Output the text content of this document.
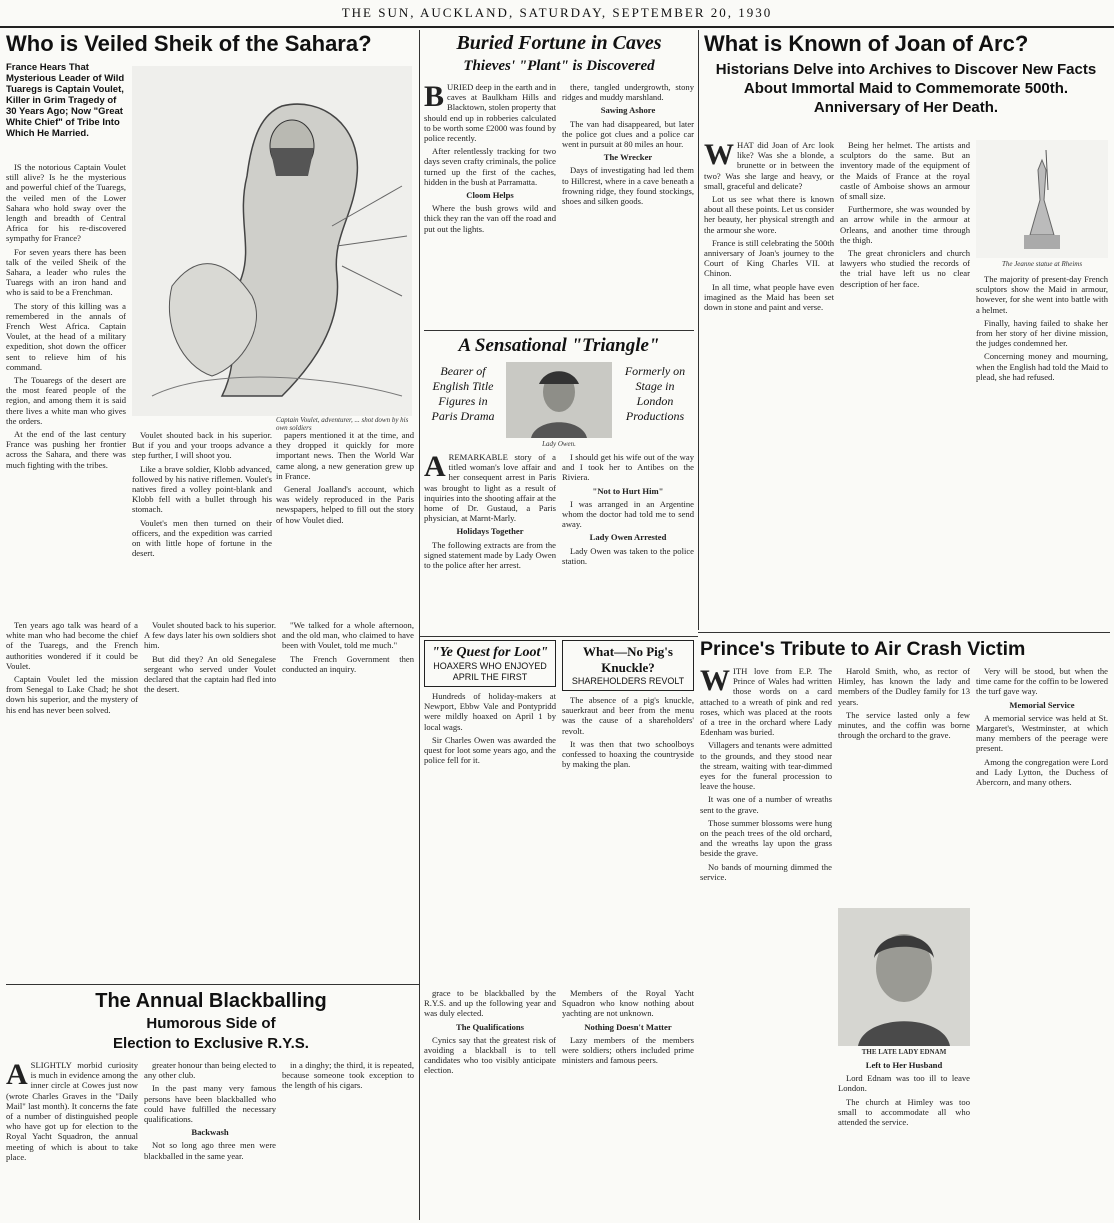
THE SUN, AUCKLAND, SATURDAY, SEPTEMBER 20, 1930
Who is Veiled Sheik of the Sahara?
France Hears That Mysterious Leader of Wild Tuaregs is Captain Voulet, Killer in Grim Tragedy of 30 Years Ago; Now "Great White Chief" of Tribe Into Which He Married.

IS the notorious Captain Voulet still alive? Is he the mysterious and powerful chief of the Tuaregs, the veiled men of the Lower Sahara who hold sway over the length and breadth of Central Africa for his re-discovered sympathy for France?

For seven years there has been talk of the veiled Sheik of the Sahara, a leader who rules the Tuaregs with an iron hand and who is said to be a Frenchman.

The story of this killing was a remembered in the annals of French West Africa. Captain Voulet, at the head of a military expedition, shot down the officer sent to relieve him of his command.

The Touaregs of the desert are the most feared people of the region, and among them it is said there lives a white man who gives the orders.

At the end of the last century France was pushing her frontier across the Sahara, and there was much fighting with the tribes.

Captain Voulet, adventurer, ... shot down by his own soldiers

Voulet shouted back in his superior. But if you and your troops advance a step further, I will shoot you.

Like a brave soldier, Klobb advanced, followed by his native riflemen. Voulet's natives fired a volley point-blank and Klobb fell with a bullet through his stomach.

Voulet's men then turned on their officers, and the expedition was carried on with little hope of fortune in the desert.

papers mentioned it at the time, and they dropped it quickly for more important news. Then the World War came along, a new generation grew up in France.

General Joalland's account, which was widely reproduced in the Paris newspapers, helped to fill out the story of how Voulet died.

Buried Fortune in Caves
Thieves' "Plant" is Discovered

BURIED deep in the earth and in caves at Baulkham Hills and Blacktown, stolen property that should end up in robberies calculated to be worth some £2000 was found by police recently.

After relentlessly tracking for two days seven crafty criminals, the police turned up the first of the caches, hidden in the bush at Parramatta.

Cloom Helps

Where the bush grows wild and thick they ran the van off the road and put out the lights.

there, tangled undergrowth, stony ridges and muddy marshland.

Sawing Ashore

The van had disappeared, but later the police got clues and a police car went in pursuit at 80 miles an hour.

The Wrecker

Days of investigating had led them to Hillcrest, where in a cave beneath a frowning ridge, they found stockings, shoes and silken goods.

A Sensational "Triangle"
Bearer of English Title Figures in Paris Drama
Lady Owen.
Formerly on Stage in London Productions

AREMARKABLE story of a titled woman's love affair and her consequent arrest in Paris was brought to light as a result of inquiries into the shooting affair at the home of Dr. Gustaud, a Paris physician, at Marnt-Marly.

Holidays Together

The following extracts are from the signed statement made by Lady Owen to the police after her arrest.

I should get his wife out of the way and I took her to Antibes on the Riviera.

"Not to Hurt Him"

I was arranged in an Argentine whom the doctor had told me to send away.

Lady Owen Arrested

Lady Owen was taken to the police station.

What is Known of Joan of Arc?
Historians Delve into Archives to Discover New Facts About Immortal Maid to Commemorate 500th. Anniversary of Her Death.

WHAT did Joan of Arc look like? Was she a blonde, a brunette or in between the two? Was she large and heavy, or small, graceful and delicate?

Lot us see what there is known about all these points. Let us consider her beauty, her physical strength and the armour she wore.

France is still celebrating the 500th anniversary of Joan's journey to the Court of King Charles VII. at Chinon.

In all time, what people have even imagined as the Maid has been set down in stone and paint and verse.

Being her helmet. The artists and sculptors do the same. But an inventory made of the equipment of the Maids of France at the royal castle of Amboise shows an armour of small size.

Furthermore, she was wounded by an arrow while in the armour at Orleans, and another time through the thigh.

The great chroniclers and church lawyers who studied the records of the trial have left us no clear description of her face.

The Jeanne statue at Rheims

The majority of present-day French sculptors show the Maid in armour, however, for she went into battle with a helmet.

Finally, having failed to shake her from her story of her divine mission, the judges condemned her.

Concerning money and mourning, when the English had told the Maid to plead, she had refused.

Prince's Tribute to Air Crash Victim

WITH love from E.P. The Prince of Wales had written those words on a card attached to a wreath of pink and red roses, which was placed at the roots of a tree in the orchard where Lady Edenham was buried.

Villagers and tenants were admitted to the grounds, and they stood near the stream, waiting with tear-dimmed eyes for the funeral procession to leave the house.

It was one of a number of wreaths sent to the grave.

Those summer blossoms were hung on the peach trees of the old orchard, and the wreaths lay upon the grass beside the grave.

No bands of mourning dimmed the service.

Harold Smith, who, as rector of Himley, has known the lady and members of the Dudley family for 13 years.

The service lasted only a few minutes, and the coffin was borne through the orchard to the grave.

THE LATE LADY EDNAM

Left to Her Husband

Lord Ednam was too ill to leave London.

The church at Himley was too small to accommodate all who attended the service.

Very will be stood, but when the time came for the coffin to be lowered the turf gave way.

Memorial Service

A memorial service was held at St. Margaret's, Westminster, at which many members of the peerage were present.

Among the congregation were Lord and Lady Lytton, the Duchess of Abercorn, and many others.

"Ye Quest for Loot"
HOAXERS WHO ENJOYED APRIL THE FIRST

Hundreds of holiday-makers at Newport, Ebbw Vale and Pontypridd were mildly hoaxed on April 1 by local wags.

Sir Charles Owen was awarded the quest for loot some years ago, and the police fell for it.

What—No Pig's Knuckle?
SHAREHOLDERS REVOLT

The absence of a pig's knuckle, sauerkraut and beer from the menu was the cause of a shareholders' revolt.

It was then that two schoolboys confessed to hoaxing the countryside by making the plan.

Ten years ago talk was heard of a white man who had become the chief of the Tuaregs, and the French authorities wondered if it could be Voulet.

Captain Voulet led the mission from Senegal to Lake Chad; he shot down his superior, and the mystery of his end has never been solved.

Voulet shouted back to his superior. A few days later his own soldiers shot him.

But did they? An old Senegalese sergeant who served under Voulet declared that the captain had fled into the desert.

"We talked for a whole afternoon, and the old man, who claimed to have been with Voulet, told me much."

The French Government then conducted an inquiry.

The Annual Blackballing
Humorous Side of
Election to Exclusive R.Y.S.

ASLIGHTLY morbid curiosity is much in evidence among the inner circle at Cowes just now (wrote Charles Graves in the "Daily Mail" last month). It concerns the fate of a number of distinguished people who have got up for election to the Royal Yacht Squadron, the annual meeting of which is about to take place.

greater honour than being elected to any other club.

In the past many very famous persons have been blackballed who could have fulfilled the necessary qualifications.

Backwash

Not so long ago three men were blackballed in the same year.

in a dinghy; the third, it is repeated, because someone took exception to the length of his cigars.

grace to be blackballed by the R.Y.S. and up the following year and was duly elected.

The Qualifications

Cynics say that the greatest risk of avoiding a blackball is to tell candidates who too visibly anticipate election.

Members of the Royal Yacht Squadron who know nothing about yachting are not unknown.

Nothing Doesn't Matter

Lazy members of the members were soldiers; others included prime ministers and famous peers.
